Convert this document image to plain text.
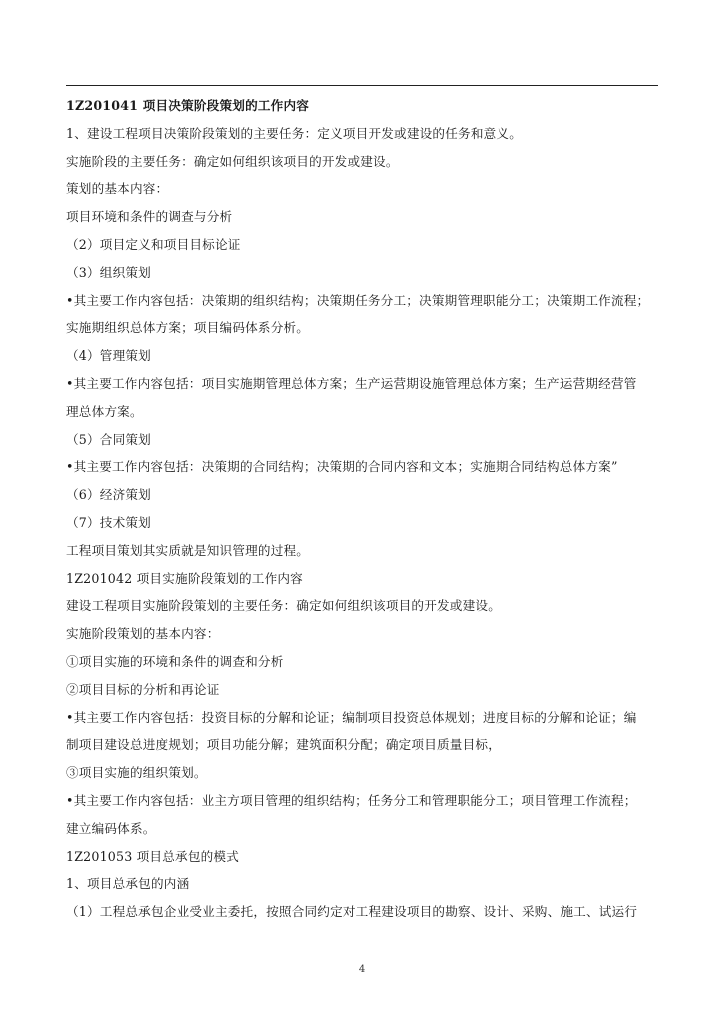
1Z201041 项目决策阶段策划的工作内容
1、建设工程项目决策阶段策划的主要任务：定义项目开发或建设的任务和意义。
实施阶段的主要任务：确定如何组织该项目的开发或建设。
策划的基本内容：
项目环境和条件的调查与分析
（2）项目定义和项目目标论证
（3）组织策划
•其主要工作内容包括：决策期的组织结构；决策期任务分工；决策期管理职能分工；决策期工作流程；
实施期组织总体方案；项目编码体系分析。
（4）管理策划
•其主要工作内容包括：项目实施期管理总体方案；生产运营期设施管理总体方案；生产运营期经营管
理总体方案。
（5）合同策划
•其主要工作内容包括：决策期的合同结构；决策期的合同内容和文本；实施期合同结构总体方案”
（6）经济策划
（7）技术策划
工程项目策划其实质就是知识管理的过程。
1Z201042 项目实施阶段策划的工作内容
建设工程项目实施阶段策划的主要任务：确定如何组织该项目的开发或建设。
实施阶段策划的基本内容：
①项目实施的环境和条件的调查和分析
②项目目标的分析和再论证
•其主要工作内容包括：投资目标的分解和论证；编制项目投资总体规划；进度目标的分解和论证；编
制项目建设总进度规划；项目功能分解；建筑面积分配；确定项目质量目标，
③项目实施的组织策划。
•其主要工作内容包括：业主方项目管理的组织结构；任务分工和管理职能分工；项目管理工作流程；
建立编码体系。
1Z201053 项目总承包的模式
1、项目总承包的内涵
（1）工程总承包企业受业主委托，按照合同约定对工程建设项目的勘察、设计、采购、施工、试运行
4
